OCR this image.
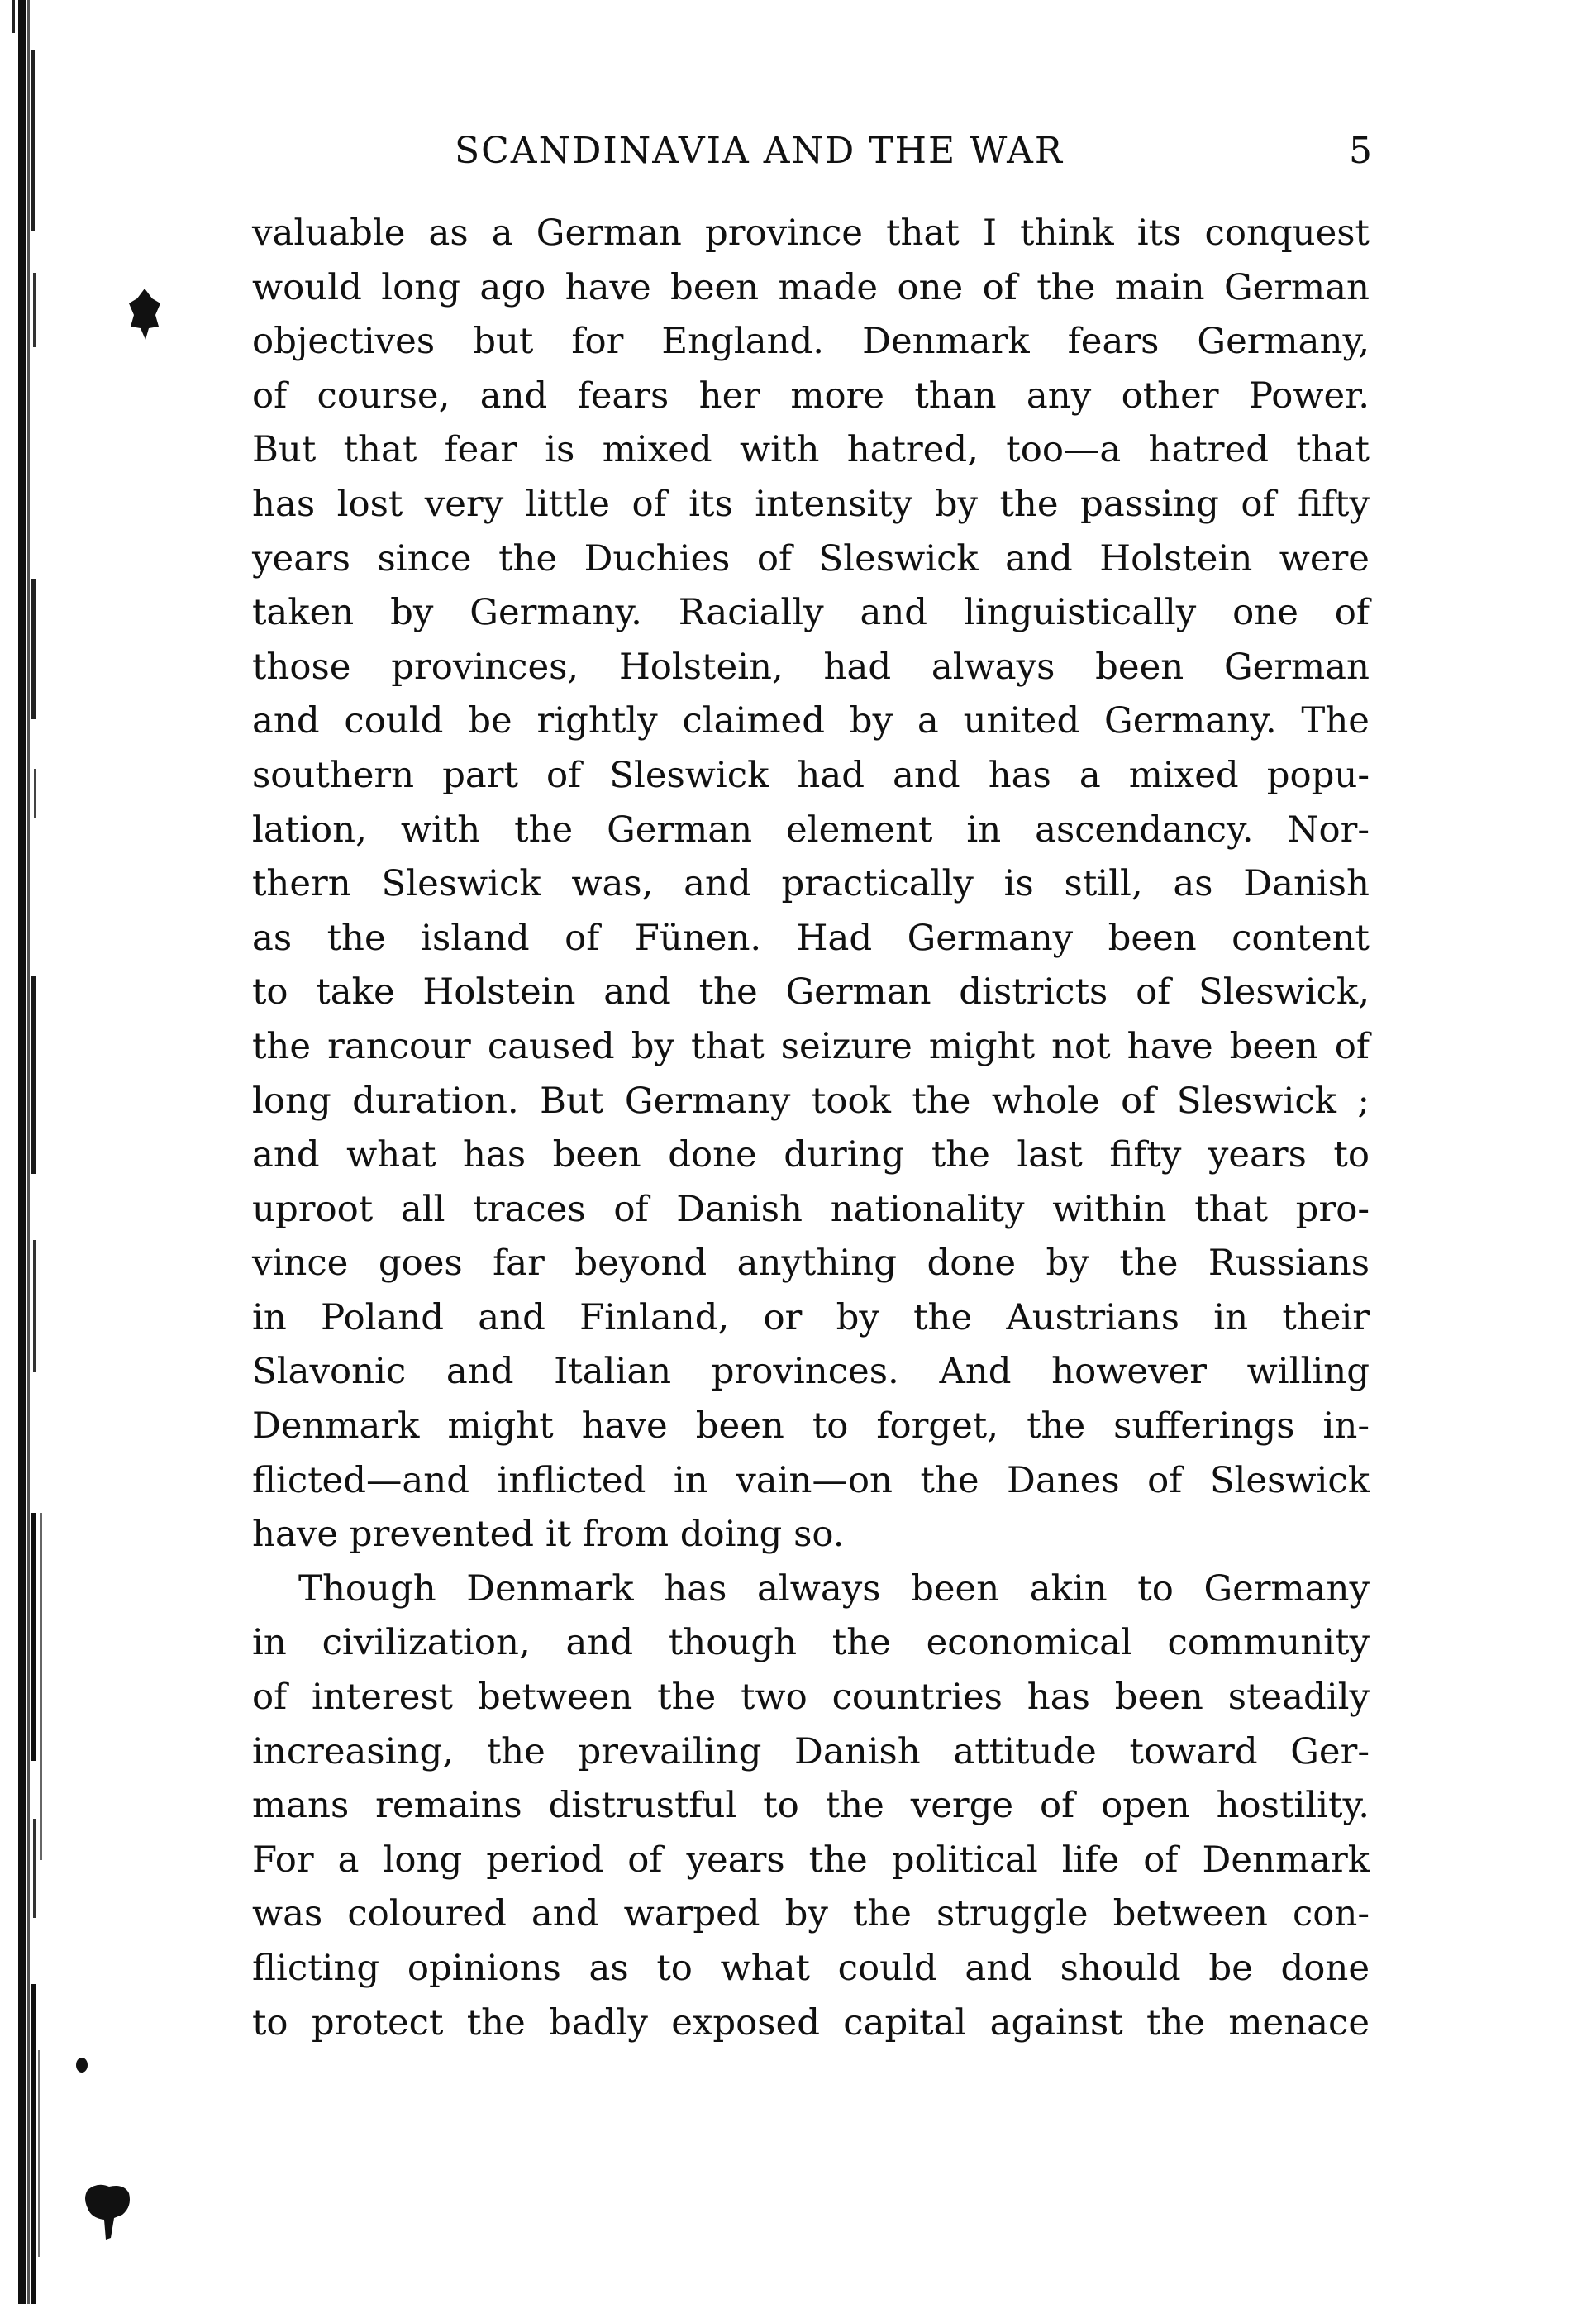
SCANDINAVIA AND THE WAR	5
valuable as a German province that I think its conquest
would long ago have been made one of the main German
objectives but for England. Denmark fears Germany,
of course, and fears her more than any other Power.
But that fear is mixed with hatred, too—a hatred that
has lost very little of its intensity by the passing of fifty
years since the Duchies of Sleswick and Holstein were
taken by Germany. Racially and linguistically one of
those provinces, Holstein, had always been German
and could be rightly claimed by a united Germany. The
southern part of Sleswick had and has a mixed popu-
lation, with the German element in ascendancy. Nor-
thern Sleswick was, and practically is still, as Danish
as the island of Fünen. Had Germany been content
to take Holstein and the German districts of Sleswick,
the rancour caused by that seizure might not have been of
long duration. But Germany took the whole of Sleswick ;
and what has been done during the last fifty years to
uproot all traces of Danish nationality within that pro-
vince goes far beyond anything done by the Russians
in Poland and Finland, or by the Austrians in their
Slavonic and Italian provinces. And however willing
Denmark might have been to forget, the sufferings in-
flicted—and inflicted in vain—on the Danes of Sleswick
have prevented it from doing so.
Though Denmark has always been akin to Germany
in civilization, and though the economical community
of interest between the two countries has been steadily
increasing, the prevailing Danish attitude toward Ger-
mans remains distrustful to the verge of open hostility.
For a long period of years the political life of Denmark
was coloured and warped by the struggle between con-
flicting opinions as to what could and should be done
to protect the badly exposed capital against the menace
